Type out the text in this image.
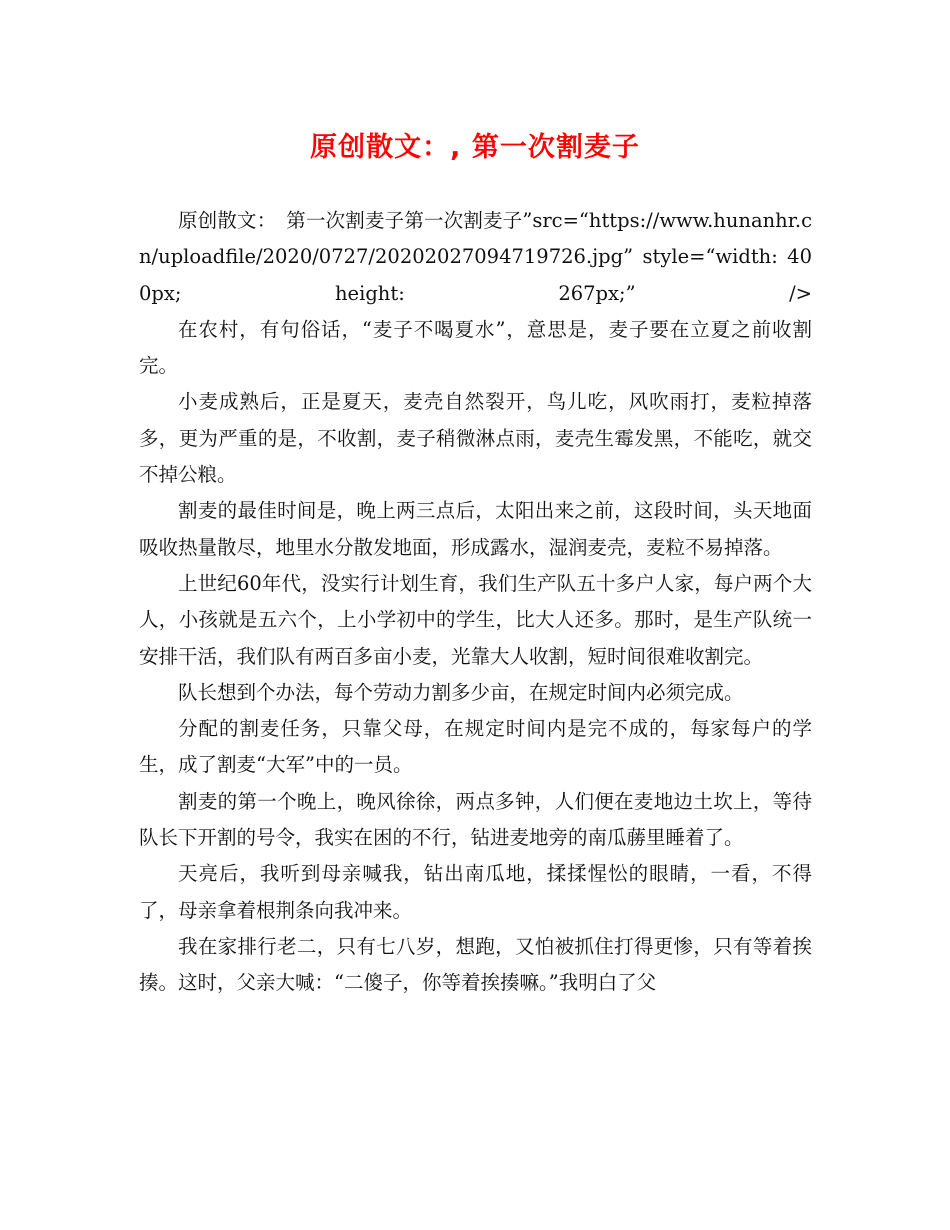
原创散文：, 第一次割麦子

原创散文：　第一次割麦子第一次割麦子”src=“https://www.hunanhr.cn/uploadfile/2020/0727/20202027094719726.jpg” style=“width: 400px; height: 267px;” />

在农村，有句俗话，“麦子不喝夏水”，意思是，麦子要在立夏之前收割完。

小麦成熟后，正是夏天，麦壳自然裂开，鸟儿吃，风吹雨打，麦粒掉落多，更为严重的是，不收割，麦子稍微淋点雨，麦壳生霉发黑，不能吃，就交不掉公粮。

割麦的最佳时间是，晚上两三点后，太阳出来之前，这段时间，头天地面吸收热量散尽，地里水分散发地面，形成露水，湿润麦壳，麦粒不易掉落。

上世纪60年代，没实行计划生育，我们生产队五十多户人家，每户两个大人，小孩就是五六个，上小学初中的学生，比大人还多。那时，是生产队统一安排干活，我们队有两百多亩小麦，光靠大人收割，短时间很难收割完。

队长想到个办法，每个劳动力割多少亩，在规定时间内必须完成。

分配的割麦任务，只靠父母，在规定时间内是完不成的，每家每户的学生，成了割麦“大军”中的一员。

割麦的第一个晚上，晚风徐徐，两点多钟，人们便在麦地边土坎上，等待队长下开割的号令，我实在困的不行，钻进麦地旁的南瓜蕂里睡着了。

天亮后，我听到母亲喊我，钻出南瓜地，揉揉惺忪的眼睛，一看，不得了，母亲拿着根荆条向我冲来。

我在家排行老二，只有七八岁，想跑，又怕被抓住打得更惨，只有等着挨揍。这时，父亲大喊：“二傻子，你等着挨揍嘛。”我明白了父
